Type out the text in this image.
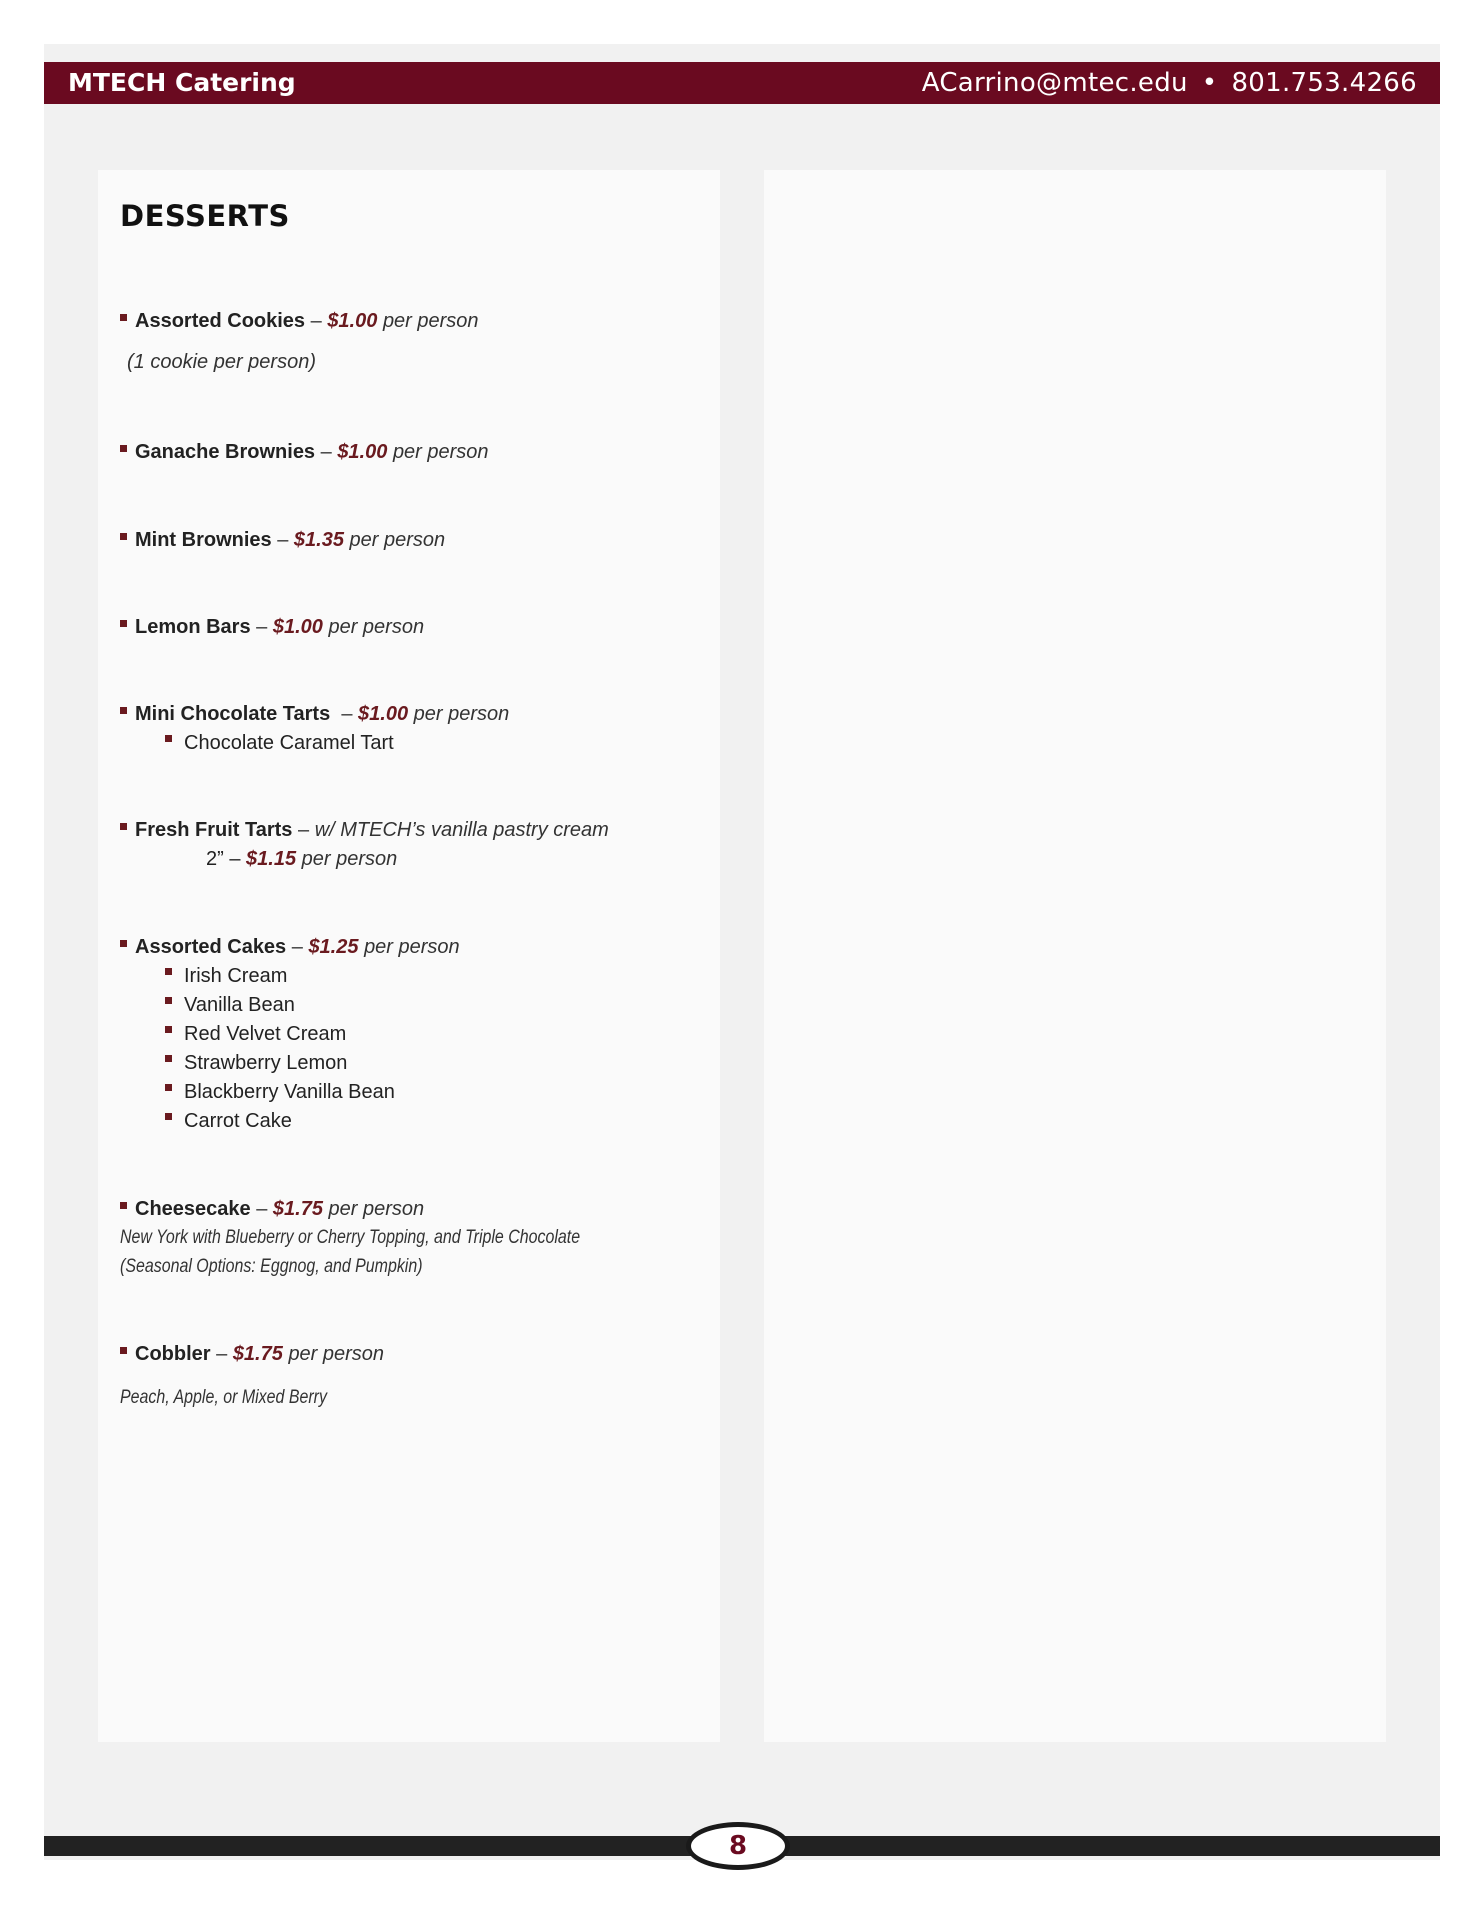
MTECH Catering	ACarrino@mtec.edu • 801.753.4266
DESSERTS
Assorted Cookies – $1.00 per person
(1 cookie per person)
Ganache Brownies – $1.00 per person
Mint Brownies – $1.35 per person
Lemon Bars – $1.00 per person
Mini Chocolate Tarts – $1.00 per person
Chocolate Caramel Tart
Fresh Fruit Tarts – w/ MTECH’s vanilla pastry cream
2” – $1.15 per person
Assorted Cakes – $1.25 per person
Irish Cream
Vanilla Bean
Red Velvet Cream
Strawberry Lemon
Blackberry Vanilla Bean
Carrot Cake
Cheesecake – $1.75 per person
New York with Blueberry or Cherry Topping, and Triple Chocolate
(Seasonal Options: Eggnog, and Pumpkin)
Cobbler – $1.75 per person
Peach, Apple, or Mixed Berry
8
